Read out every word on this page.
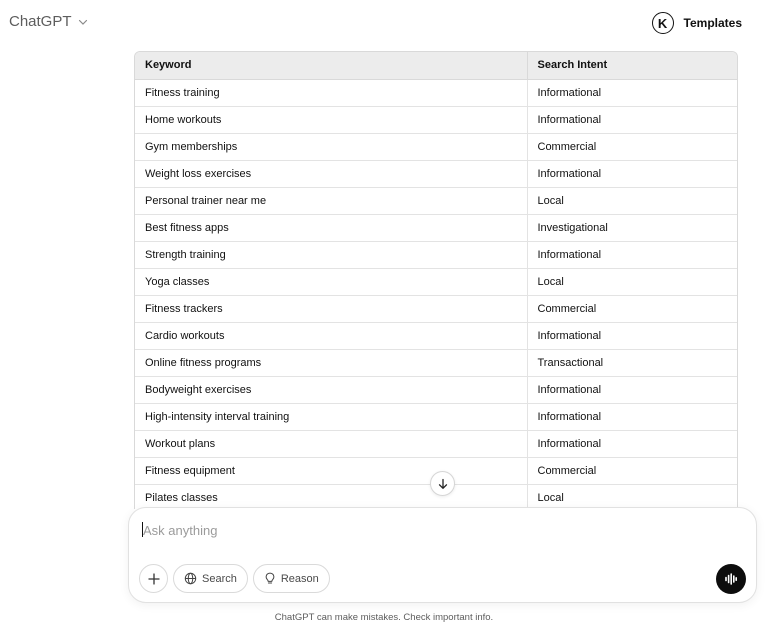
ChatGPT	K	Templates
Keyword	Search Intent
Fitness training	Informational
Home workouts	Informational
Gym memberships	Commercial
Weight loss exercises	Informational
Personal trainer near me	Local
Best fitness apps	Investigational
Strength training	Informational
Yoga classes	Local
Fitness trackers	Commercial
Cardio workouts	Informational
Online fitness programs	Transactional
Bodyweight exercises	Informational
High-intensity interval training	Informational
Workout plans	Informational
Fitness equipment	Commercial
Pilates classes	Local
Ask anything
Search	Reason
ChatGPT can make mistakes. Check important info.
